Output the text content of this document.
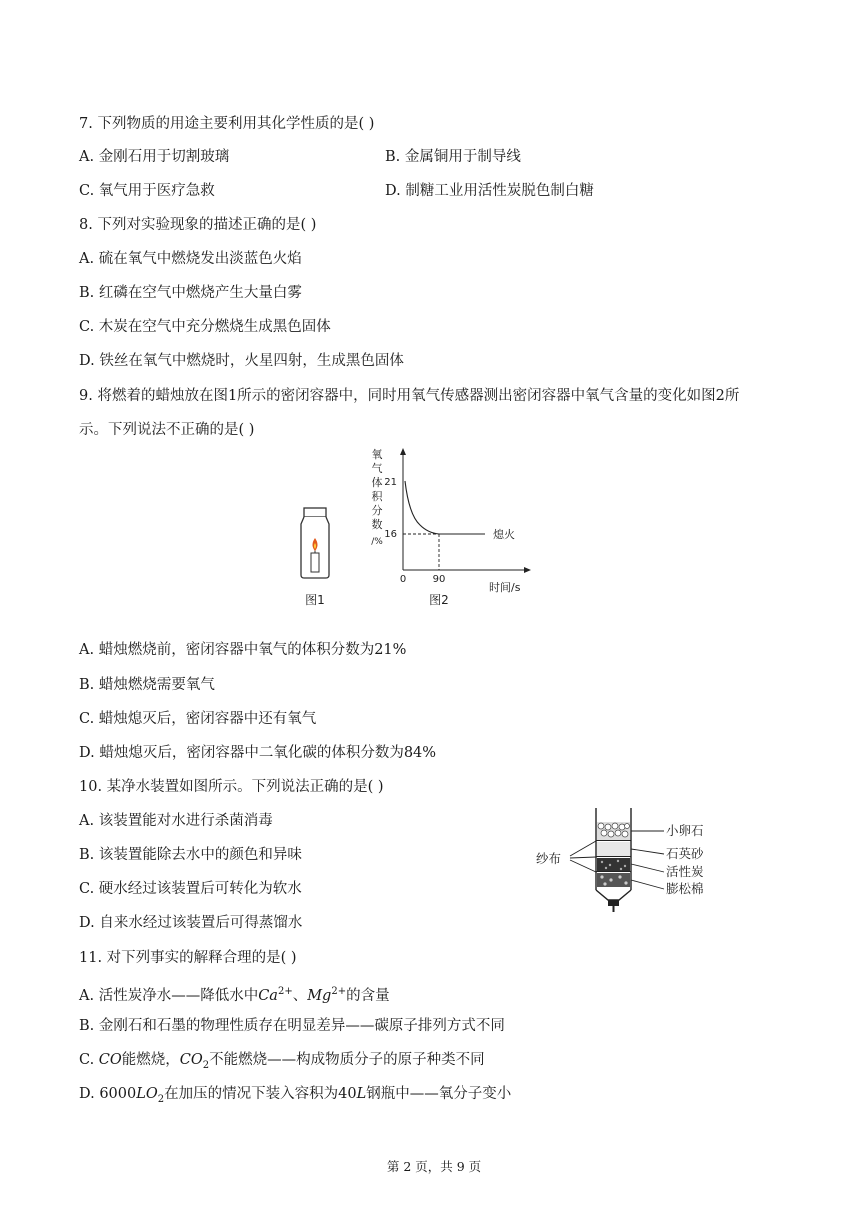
7. 下列物质的用途主要利用其化学性质的是( )
A. 金刚石用于切割玻璃	B. 金属铜用于制导线
C. 氧气用于医疗急救	D. 制糖工业用活性炭脱色制白糖
8. 下列对实验现象的描述正确的是( )
A. 硫在氧气中燃烧发出淡蓝色火焰
B. 红磷在空气中燃烧产生大量白雾
C. 木炭在空气中充分燃烧生成黑色固体
D. 铁丝在氧气中燃烧时，火星四射，生成黑色固体
9. 将燃着的蜡烛放在图1所示的密闭容器中，同时用氧气传感器测出密闭容器中氧气含量的变化如图2所
示。下列说法不正确的是( )
图1
氧
气
体
积
分
数
/%
21
16
0	90
熄火
时间/s
图2
A. 蜡烛燃烧前，密闭容器中氧气的体积分数为21%
B. 蜡烛燃烧需要氧气
C. 蜡烛熄灭后，密闭容器中还有氧气
D. 蜡烛熄灭后，密闭容器中二氧化碳的体积分数为84%
10. 某净水装置如图所示。下列说法正确的是( )
A. 该装置能对水进行杀菌消毒
B. 该装置能除去水中的颜色和异味
C. 硬水经过该装置后可转化为软水
D. 自来水经过该装置后可得蒸馏水
小卵石
石英砂
活性炭
膨松棉
纱布
11. 对下列事实的解释合理的是( )
A. 活性炭净水——降低水中$Ca^{2+}$、$Mg^{2+}$的含量
B. 金刚石和石墨的物理性质存在明显差异——碳原子排列方式不同
C. CO能燃烧，$CO_2$不能燃烧——构成物质分子的原子种类不同
D. $6000LO_2$在加压的情况下装入容积为40L钢瓶中——氧分子变小
第 2 页，共 9 页
